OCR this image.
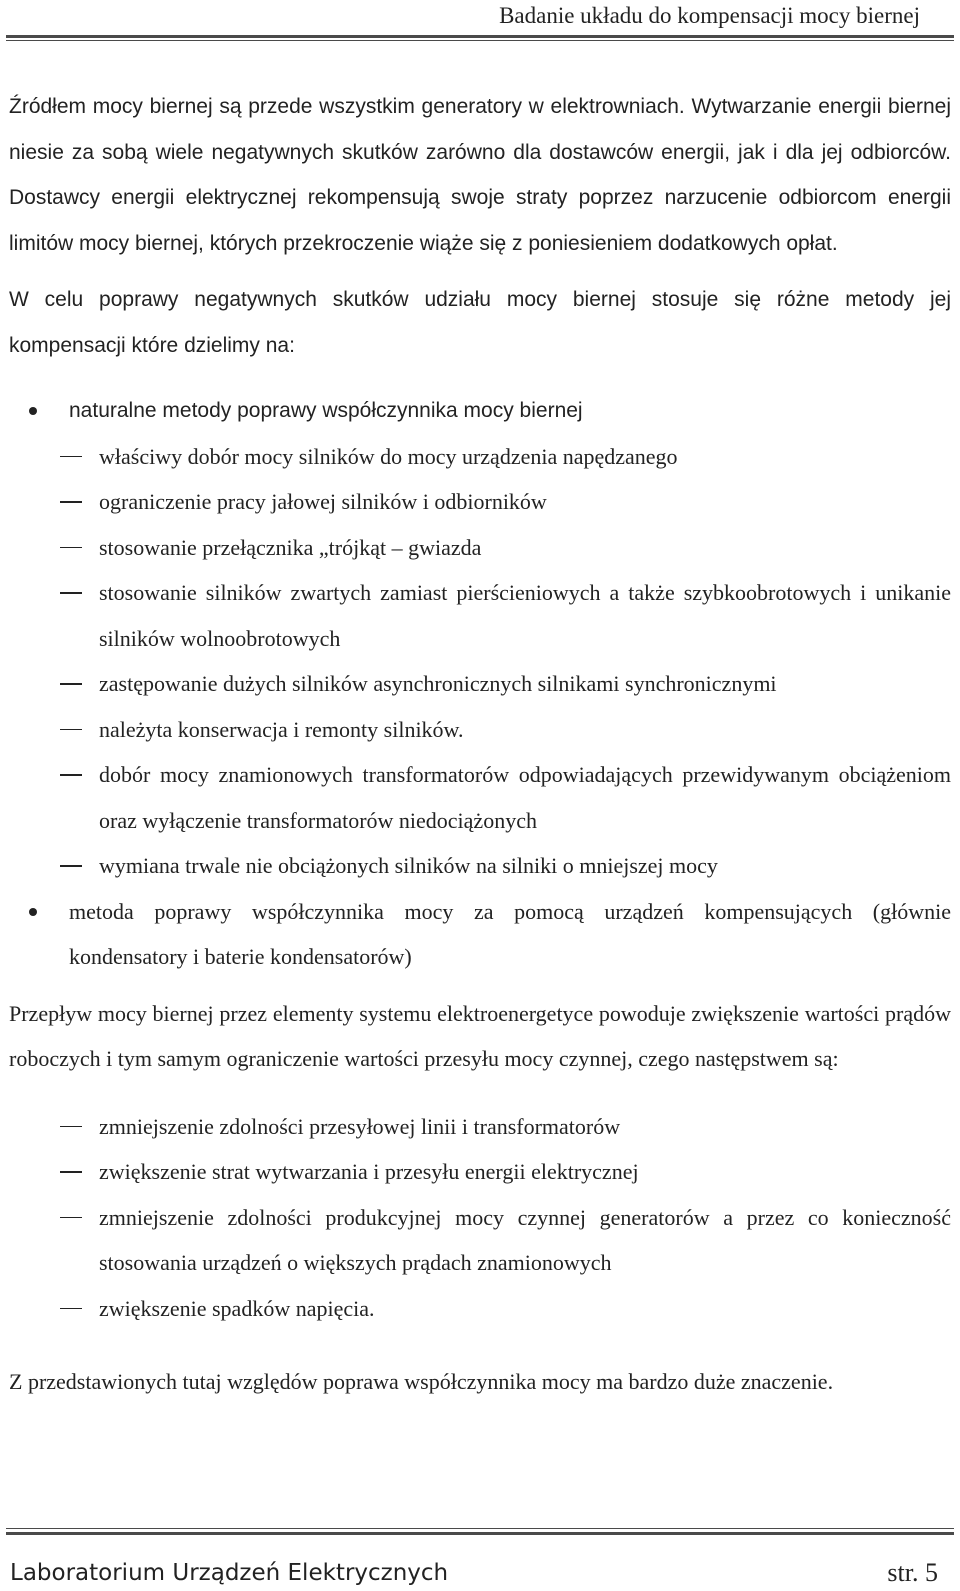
Badanie układu do kompensacji mocy biernej

Źródłem mocy biernej są przede wszystkim generatory w elektrowniach. Wytwarzanie energii biernej niesie za sobą wiele negatywnych skutków zarówno dla dostawców energii, jak i dla jej odbiorców. Dostawcy energii elektrycznej rekompensują swoje straty poprzez narzucenie odbiorcom energii limitów mocy biernej, których przekroczenie wiąże się z poniesieniem dodatkowych opłat.

W celu poprawy negatywnych skutków udziału mocy biernej stosuje się różne metody jej kompensacji które dzielimy na:

naturalne metody poprawy współczynnika mocy biernej
właściwy dobór mocy silników do mocy urządzenia napędzanego
ograniczenie pracy jałowej silników i odbiorników
stosowanie przełącznika „trójkąt – gwiazda
stosowanie silników zwartych zamiast pierścieniowych a także szybkoobrotowych i unikanie silników wolnoobrotowych
zastępowanie dużych silników asynchronicznych silnikami synchronicznymi
należyta konserwacja i remonty silników.
dobór mocy znamionowych transformatorów odpowiadających przewidywanym obciążeniom oraz wyłączenie transformatorów niedociążonych
wymiana trwale nie obciążonych silników na silniki o mniejszej mocy
metoda poprawy współczynnika mocy za pomocą urządzeń kompensujących (głównie kondensatory i baterie kondensatorów)

Przepływ mocy biernej przez elementy systemu elektroenergetyce powoduje zwiększenie wartości prądów roboczych i tym samym ograniczenie wartości przesyłu mocy czynnej, czego następstwem są:

zmniejszenie zdolności przesyłowej linii i transformatorów
zwiększenie strat wytwarzania i przesyłu energii elektrycznej
zmniejszenie zdolności produkcyjnej mocy czynnej generatorów a przez co konieczność stosowania urządzeń o większych prądach znamionowych
zwiększenie spadków napięcia.

Z przedstawionych tutaj względów poprawa współczynnika mocy ma bardzo duże znaczenie.

Laboratorium Urządzeń Elektrycznych	str. 5
